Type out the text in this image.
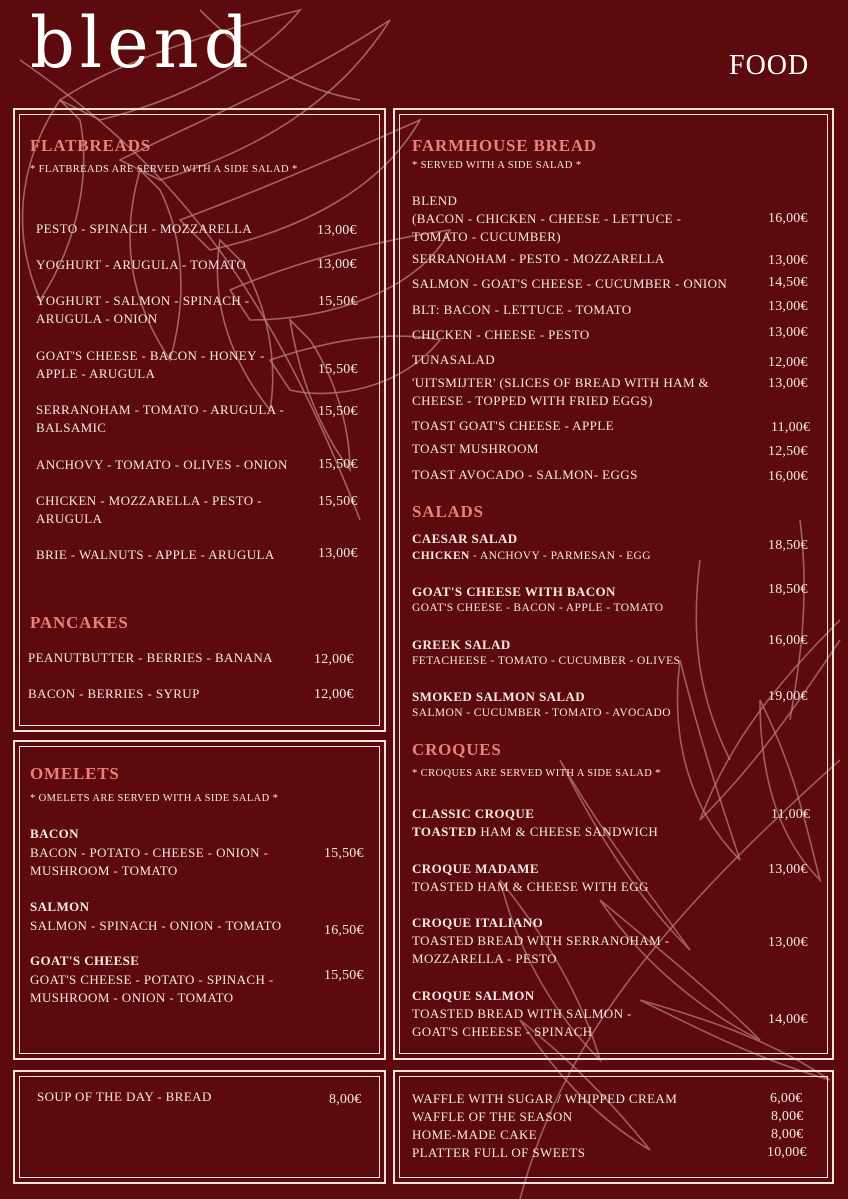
blend	FOOD
FLATBREADS
* FLATBREADS ARE SERVED WITH A SIDE SALAD *
PESTO - SPINACH - MOZZARELLA	13,00€
YOGHURT - ARUGULA - TOMATO	13,00€
YOGHURT - SALMON - SPINACH -
ARUGULA - ONION
15,50€
GOAT'S CHEESE - BACON - HONEY -
APPLE - ARUGULA	15,50€
SERRANOHAM - TOMATO - ARUGULA -
BALSAMIC
15,50€
ANCHOVY - TOMATO - OLIVES - ONION 15,50€
CHICKEN - MOZZARELLA - PESTO -
ARUGULA
15,50€
BRIE - WALNUTS - APPLE - ARUGULA	13,00€
PANCAKES
PEANUTBUTTER - BERRIES - BANANA	12,00€
BACON - BERRIES - SYRUP	12,00€
OMELETS
* OMELETS ARE SERVED WITH A SIDE SALAD *
BACON
BACON - POTATO - CHEESE - ONION -
MUSHROOM - TOMATO
15,50€
SALMON
SALMON - SPINACH - ONION - TOMATO	16,50€
GOAT'S CHEESE
GOAT'S CHEESE - POTATO - SPINACH -
MUSHROOM - ONION - TOMATO
15,50€
SOUP OF THE DAY - BREAD	8,00€
FARMHOUSE BREAD
* SERVED WITH A SIDE SALAD *
BLEND
(BACON - CHICKEN - CHEESE - LETTUCE -
TOMATO - CUCUMBER)
16,00€
SERRANOHAM - PESTO - MOZZARELLA	13,00€
SALMON - GOAT'S CHEESE - CUCUMBER - ONION	14,50€
BLT: BACON - LETTUCE - TOMATO	13,00€
CHICKEN - CHEESE - PESTO	13,00€
TUNASALAD	12,00€
'UITSMIJTER' (SLICES OF BREAD WITH HAM &
CHEESE - TOPPED WITH FRIED EGGS)
13,00€
TOAST GOAT'S CHEESE - APPLE	11,00€
TOAST MUSHROOM	12,50€
TOAST AVOCADO - SALMON- EGGS	16,00€
SALADS
CAESAR SALAD
CHICKEN - ANCHOVY - PARMESAN - EGG
18,50€
GOAT'S CHEESE WITH BACON
GOAT'S CHEESE - BACON - APPLE - TOMATO
18,50€
GREEK SALAD
FETACHEESE - TOMATO - CUCUMBER - OLIVES
16,00€
SMOKED SALMON SALAD
SALMON - CUCUMBER - TOMATO - AVOCADO
19,00€
CROQUES
* CROQUES ARE SERVED WITH A SIDE SALAD *
CLASSIC CROQUE
TOASTED HAM & CHEESE SANDWICH
11,00€
CROQUE MADAME
TOASTED HAM & CHEESE WITH EGG
13,00€
CROQUE ITALIANO
TOASTED BREAD WITH SERRANOHAM -
MOZZARELLA - PESTO
13,00€
CROQUE SALMON
TOASTED BREAD WITH SALMON -
GOAT'S CHEEESE - SPINACH
14,00€
WAFFLE WITH SUGAR / WHIPPED CREAM	6,00€
WAFFLE OF THE SEASON	8,00€
HOME-MADE CAKE	8,00€
PLATTER FULL OF SWEETS	10,00€
